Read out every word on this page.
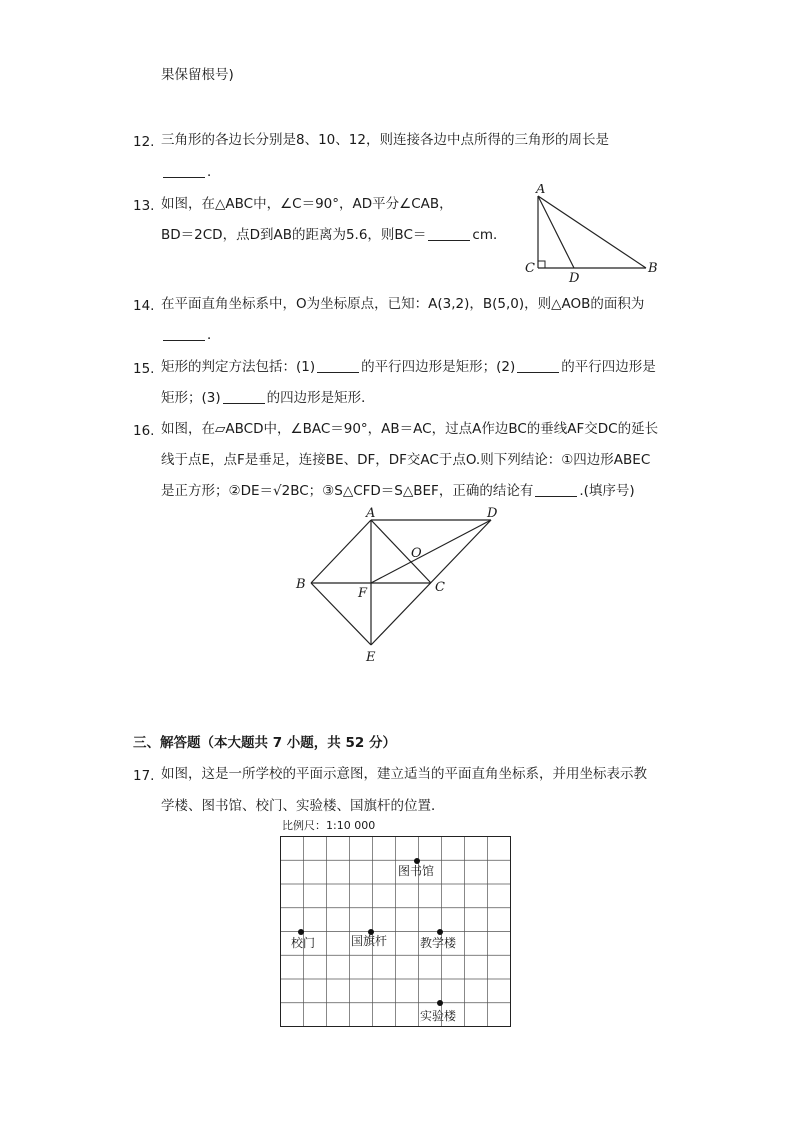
果保留根号)
12. 三角形的各边长分别是8、10、12，则连接各边中点所得的三角形的周长是
．
13. 如图，在△ABC中，∠C＝90°，AD平分∠CAB，
BD＝2CD，点D到AB的距离为5.6，则BC＝	cm．
A
C
D
B
14. 在平面直角坐标系中，O为坐标原点，已知：A(3,2)，B(5,0)，则△AOB的面积为
．
15. 矩形的判定方法包括：(1)	的平行四边形是矩形；(2)	的平行四边形是
矩形；(3)	的四边形是矩形．
16. 如图，在▱ABCD中，∠BAC＝90°，AB＝AC，过点A作边BC的垂线AF交DC的延长
线于点E，点F是垂足，连接BE、DF，DF交AC于点O.则下列结论：①四边形ABEC
是正方形；②DE＝√2BC；③S△CFD＝S△BEF，正确的结论有	.(填序号)
A	D
B	C
F
O
E
三、解答题（本大题共 7 小题，共 52 分）
17. 如图，这是一所学校的平面示意图，建立适当的平面直角坐标系，并用坐标表示教
学楼、图书馆、校门、实验楼、国旗杆的位置．
比例尺：1:10 000
图书馆
校门	国旗杆	教学楼
实验楼
